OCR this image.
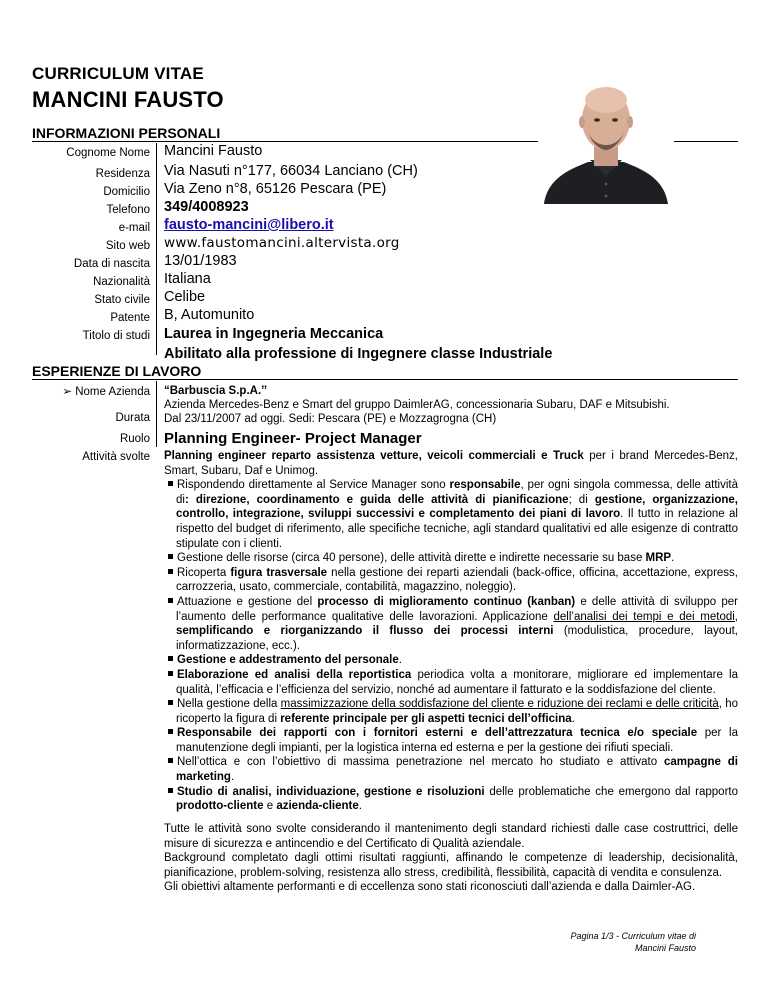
CURRICULUM VITAE
MANCINI FAUSTO
INFORMAZIONI PERSONALI
Cognome Nome Mancini Fausto
Residenza Via Nasuti n°177, 66034 Lanciano (CH)
Domicilio Via Zeno n°8, 65126 Pescara (PE)
Telefono 349/4008923
e-mail fausto-mancini@libero.it
Sito web www.faustomancini.altervista.org
Data di nascita 13/01/1983
Nazionalità Italiana
Stato civile Celibe
Patente B, Automunito
Titolo di studi Laurea in Ingegneria Meccanica
Abilitato alla professione di Ingegnere classe Industriale
ESPERIENZE DI LAVORO
➢ Nome Azienda “Barbuscia S.p.A.’’
Azienda Mercedes-Benz e Smart del gruppo DaimlerAG, concessionaria Subaru, DAF e Mitsubishi.
Durata Dal 23/11/2007 ad oggi. Sedi: Pescara (PE) e Mozzagrogna (CH)
Ruolo Planning Engineer- Project Manager
Attività svolte Planning engineer reparto assistenza vetture, veicoli commerciali e Truck per i brand Mercedes-Benz, Smart, Subaru, Daf e Unimog.

Rispondendo direttamente al Service Manager sono responsabile, per ogni singola commessa, delle attività di: direzione, coordinamento e guida delle attività di pianificazione; di gestione, organizzazione, controllo, integrazione, sviluppi successivi e completamento dei piani di lavoro. Il tutto in relazione al rispetto del budget di riferimento, alle specifiche tecniche, agli standard qualitativi ed alle esigenze di contratto stipulate con i clienti.

Gestione delle risorse (circa 40 persone), delle attività dirette e indirette necessarie su base MRP.

Ricoperta figura trasversale nella gestione dei reparti aziendali (back-office, officina, accettazione, express, carrozzeria, usato, commerciale, contabilità, magazzino, noleggio).

Attuazione e gestione del processo di miglioramento continuo (kanban) e delle attività di sviluppo per l’aumento delle performance qualitative delle lavorazioni. Applicazione dell’analisi dei tempi e dei metodi, semplificando e riorganizzando il flusso dei processi interni (modulistica, procedure, layout, informatizzazione, ecc.).

Gestione e addestramento del personale.

Elaborazione ed analisi della reportistica periodica volta a monitorare, migliorare ed implementare la qualità, l’efficacia e l’efficienza del servizio, nonché ad aumentare il fatturato e la soddisfazione del cliente.

Nella gestione della massimizzazione della soddisfazione del cliente e riduzione dei reclami e delle criticità, ho ricoperto la figura di referente principale per gli aspetti tecnici dell’officina.

Responsabile dei rapporti con i fornitori esterni e dell’attrezzatura tecnica e/o speciale per la manutenzione degli impianti, per la logistica interna ed esterna e per la gestione dei rifiuti speciali.

Nell’ottica e con l’obiettivo di massima penetrazione nel mercato ho studiato e attivato campagne di marketing.

Studio di analisi, individuazione, gestione e risoluzioni delle problematiche che emergono dal rapporto prodotto-cliente e azienda-cliente.

Tutte le attività sono svolte considerando il mantenimento degli standard richiesti dalle case costruttrici, delle misure di sicurezza e antincendio e del Certificato di Qualità aziendale.

Background completato dagli ottimi risultati raggiunti, affinando le competenze di leadership, decisionalità, pianificazione, problem-solving, resistenza allo stress, credibilità, flessibilità, capacità di vendita e consulenza.

Gli obiettivi altamente performanti e di eccellenza sono stati riconosciuti dall’azienda e dalla Daimler-AG.

Pagina 1/3 - Curriculum vitae di
Mancini Fausto
